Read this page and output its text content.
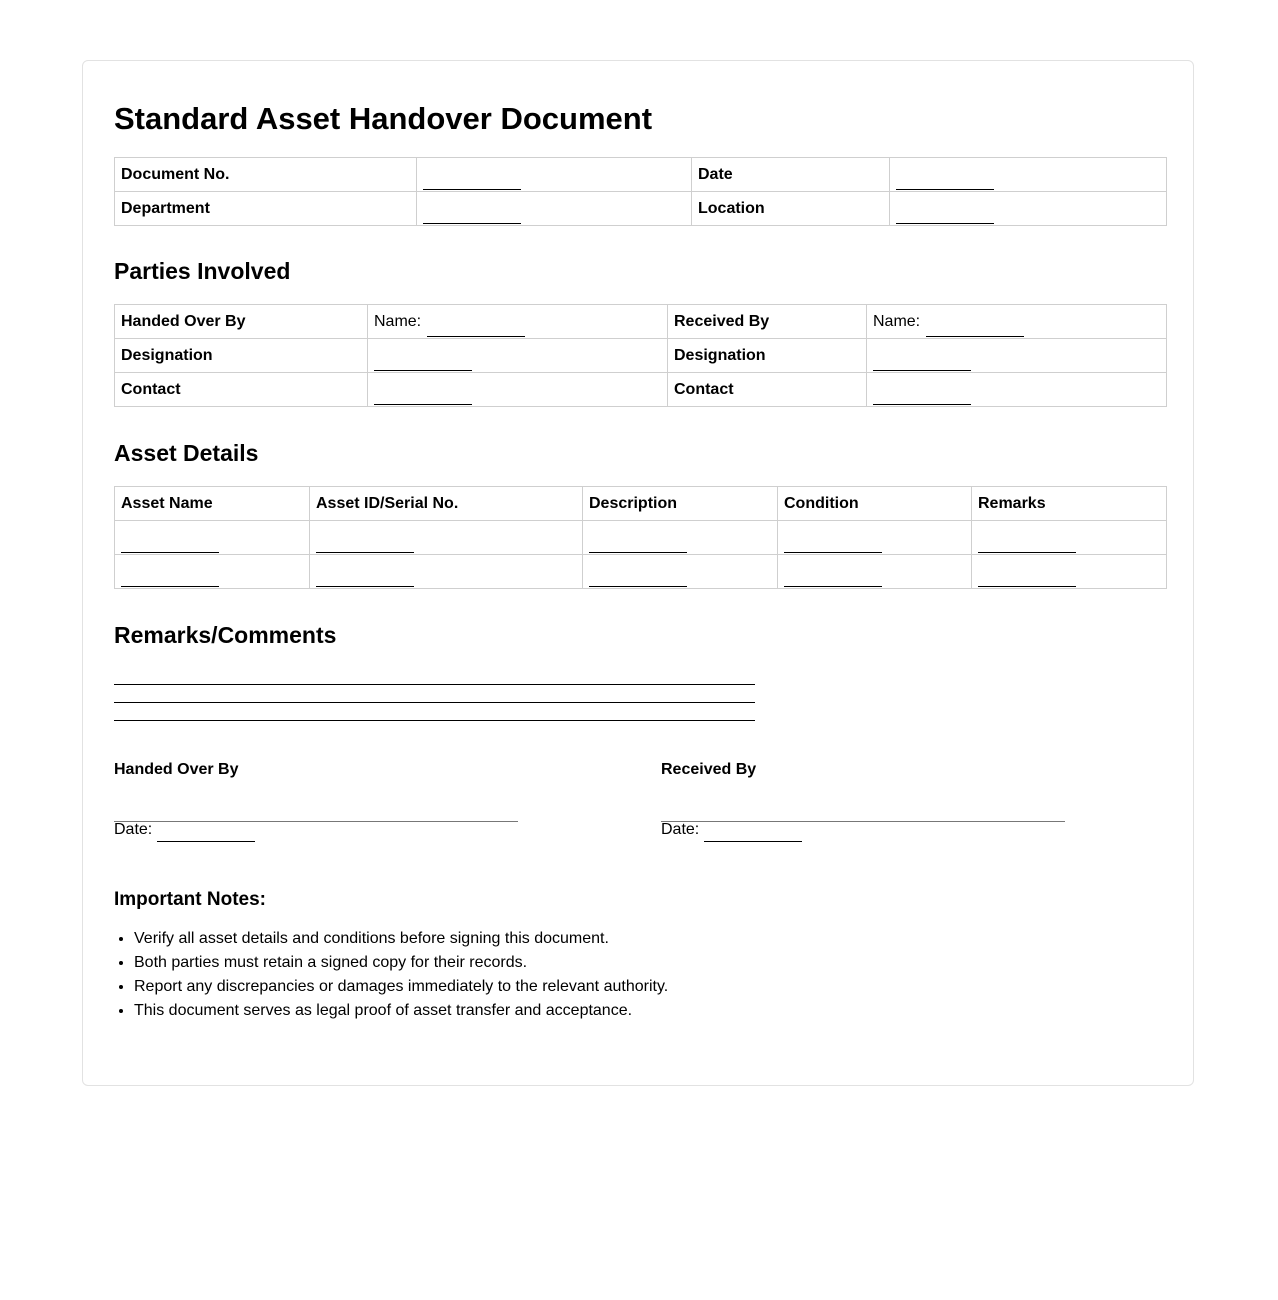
Standard Asset Handover Document
Document No.		Date	
Department		Location	
Parties Involved
Handed Over By	Name:	Received By	Name:
Designation		Designation	
Contact		Contact	
Asset Details
Asset Name	Asset ID/Serial No.	Description	Condition	Remarks

Remarks/Comments
Handed Over By
Date:
Received By
Date:
Important Notes:
• Verify all asset details and conditions before signing this document.
• Both parties must retain a signed copy for their records.
• Report any discrepancies or damages immediately to the relevant authority.
• This document serves as legal proof of asset transfer and acceptance.
